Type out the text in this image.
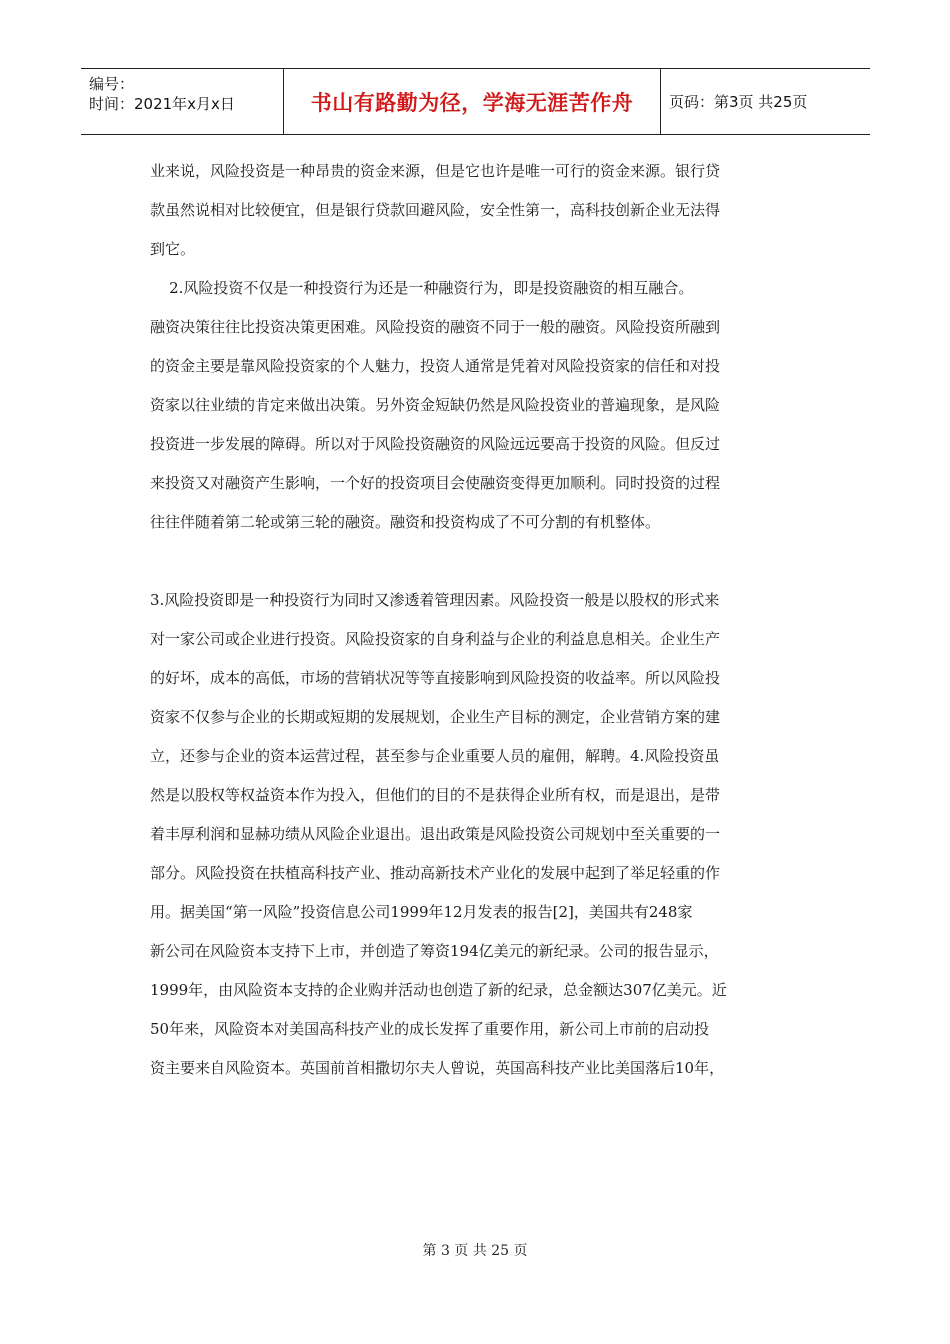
编号：
时间：2021年x月x日	书山有路勤为径，学海无涯苦作舟	页码：第3页 共25页

业来说，风险投资是一种昂贵的资金来源，但是它也许是唯一可行的资金来源。银行贷

款虽然说相对比较便宜，但是银行贷款回避风险，安全性第一，高科技创新企业无法得

到它。

2.风险投资不仅是一种投资行为还是一种融资行为，即是投资融资的相互融合。

融资决策往往比投资决策更困难。风险投资的融资不同于一般的融资。风险投资所融到

的资金主要是靠风险投资家的个人魅力，投资人通常是凭着对风险投资家的信任和对投

资家以往业绩的肯定来做出决策。另外资金短缺仍然是风险投资业的普遍现象，是风险

投资进一步发展的障碍。所以对于风险投资融资的风险远远要高于投资的风险。但反过

来投资又对融资产生影响，一个好的投资项目会使融资变得更加顺利。同时投资的过程

往往伴随着第二轮或第三轮的融资。融资和投资构成了不可分割的有机整体。

3.风险投资即是一种投资行为同时又渗透着管理因素。风险投资一般是以股权的形式来

对一家公司或企业进行投资。风险投资家的自身利益与企业的利益息息相关。企业生产

的好坏，成本的高低，市场的营销状况等等直接影响到风险投资的收益率。所以风险投

资家不仅参与企业的长期或短期的发展规划，企业生产目标的测定，企业营销方案的建

立，还参与企业的资本运营过程，甚至参与企业重要人员的雇佣，解聘。4.风险投资虽

然是以股权等权益资本作为投入，但他们的目的不是获得企业所有权，而是退出，是带

着丰厚利润和显赫功绩从风险企业退出。退出政策是风险投资公司规划中至关重要的一

部分。风险投资在扶植高科技产业、推动高新技术产业化的发展中起到了举足轻重的作

用。据美国“第一风险”投资信息公司1999年12月发表的报告[2]，美国共有248家

新公司在风险资本支持下上市，并创造了筹资194亿美元的新纪录。公司的报告显示，

1999年，由风险资本支持的企业购并活动也创造了新的纪录，总金额达307亿美元。近

50年来，风险资本对美国高科技产业的成长发挥了重要作用，新公司上市前的启动投

资主要来自风险资本。英国前首相撒切尔夫人曾说，英国高科技产业比美国落后10年，

第 3 页 共 25 页
